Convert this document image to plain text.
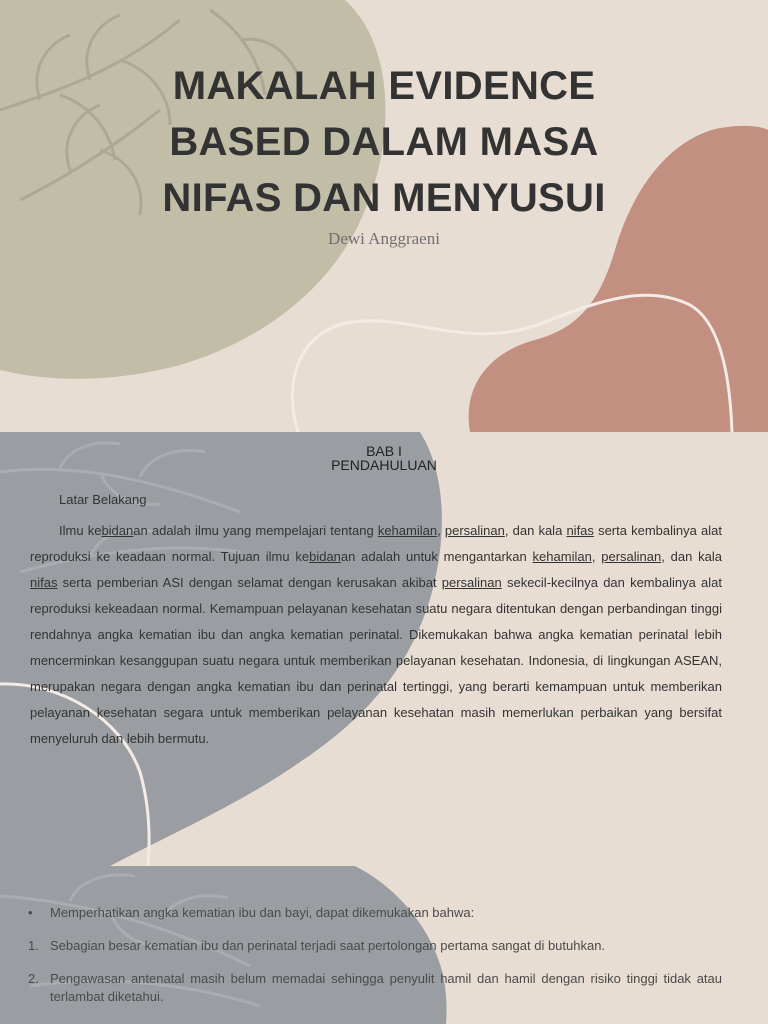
MAKALAH EVIDENCE
BASED DALAM MASA
NIFAS DAN MENYUSUI

Dewi Anggraeni

BAB I
PENDAHULUAN

Latar Belakang

Ilmu kebidanan adalah ilmu yang mempelajari tentang kehamilan, persalinan, dan kala nifas serta kembalinya alat reproduksi ke keadaan normal. Tujuan ilmu kebidanan adalah untuk mengantarkan kehamilan, persalinan, dan kala nifas serta pemberian ASI dengan selamat dengan kerusakan akibat persalinan sekecil-kecilnya dan kembalinya alat reproduksi kekeadaan normal. Kemampuan pelayanan kesehatan suatu negara ditentukan dengan perbandingan tinggi rendahnya angka kematian ibu dan angka kematian perinatal. Dikemukakan bahwa angka kematian perinatal lebih mencerminkan kesanggupan suatu negara untuk memberikan pelayanan kesehatan. Indonesia, di lingkungan ASEAN, merupakan negara dengan angka kematian ibu dan perinatal tertinggi, yang berarti kemampuan untuk memberikan pelayanan kesehatan segara untuk memberikan pelayanan kesehatan masih memerlukan perbaikan yang bersifat menyeluruh dan lebih bermutu.

• Memperhatikan angka kematian ibu dan bayi, dapat dikemukakan bahwa:
1. Sebagian besar kematian ibu dan perinatal terjadi saat pertolongan pertama sangat di butuhkan.
2. Pengawasan antenatal masih belum memadai sehingga penyulit hamil dan hamil dengan risiko tinggi tidak atau terlambat diketahui.
